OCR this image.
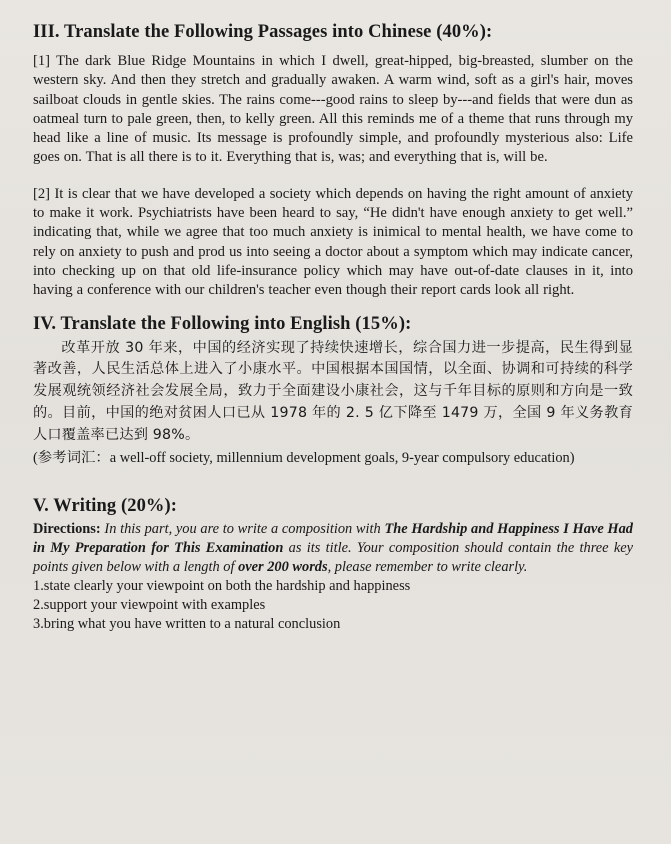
III. Translate the Following Passages into Chinese (40%):

[1] The dark Blue Ridge Mountains in which I dwell, great-hipped, big-breasted, slumber on the western sky. And then they stretch and gradually awaken. A warm wind, soft as a girl's hair, moves sailboat clouds in gentle skies. The rains come---good rains to sleep by---and fields that were dun as oatmeal turn to pale green, then, to kelly green. All this reminds me of a theme that runs through my head like a line of music. Its message is profoundly simple, and profoundly mysterious also: Life goes on. That is all there is to it. Everything that is, was; and everything that is, will be.

[2] It is clear that we have developed a society which depends on having the right amount of anxiety to make it work. Psychiatrists have been heard to say, “He didn't have enough anxiety to get well.” indicating that, while we agree that too much anxiety is inimical to mental health, we have come to rely on anxiety to push and prod us into seeing a doctor about a symptom which may indicate cancer, into checking up on that old life-insurance policy which may have out-of-date clauses in it, into having a conference with our children's teacher even though their report cards look all right.

IV. Translate the Following into English (15%):

改革开放 30 年来，中国的经济实现了持续快速增长，综合国力进一步提高，民生得到显著改善，人民生活总体上进入了小康水平。中国根据本国国情，以全面、协调和可持续的科学发展观统领经济社会发展全局，致力于全面建设小康社会，这与千年目标的原则和方向是一致的。目前，中国的绝对贫困人口已从 1978 年的 2. 5 亿下降至 1479 万，全国 9 年义务教育人口覆盖率已达到 98%。

(参考词汇：a well-off society, millennium development goals, 9-year compulsory education)

V. Writing (20%):

Directions: In this part, you are to write a composition with The Hardship and Happiness I Have Had in My Preparation for This Examination as its title. Your composition should contain the three key points given below with a length of over 200 words, please remember to write clearly.

1.state clearly your viewpoint on both the hardship and happiness
2.support your viewpoint with examples
3.bring what you have written to a natural conclusion
